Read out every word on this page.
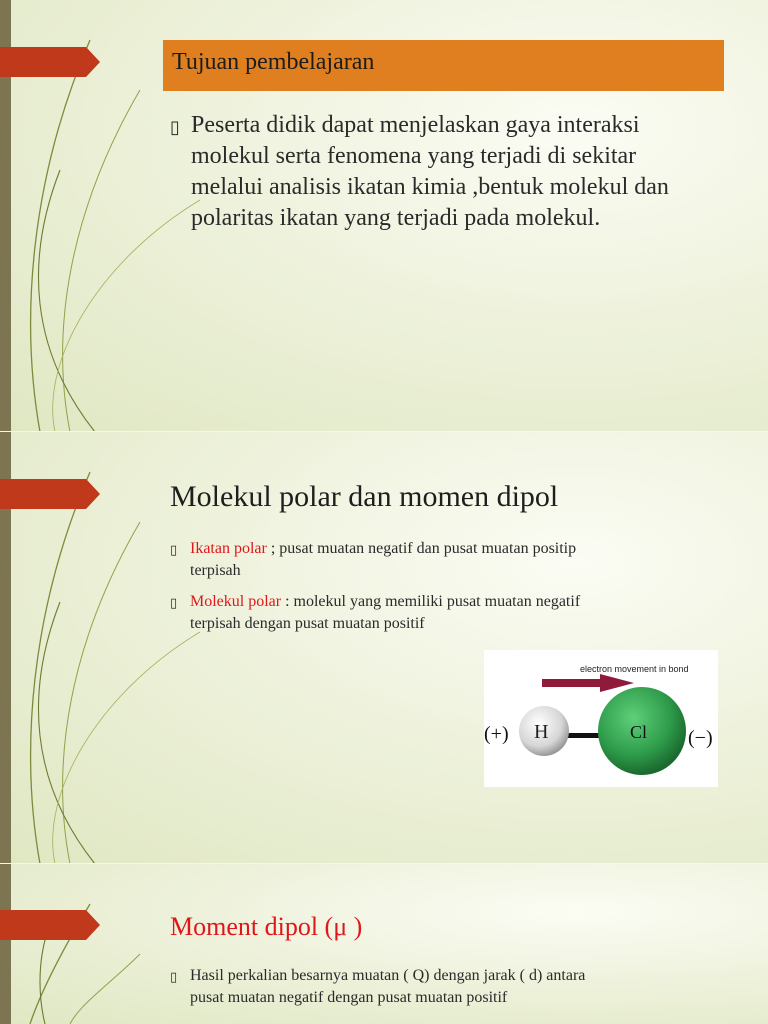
Tujuan pembelajaran
▯ Peserta didik dapat menjelaskan gaya interaksi
molekul serta fenomena yang terjadi di sekitar
melalui analisis ikatan kimia ,bentuk molekul dan
polaritas ikatan yang terjadi pada molekul.
Molekul polar dan momen dipol
▯ Ikatan polar ; pusat muatan negatif dan pusat muatan positip
terpisah
▯ Molekul polar : molekul yang memiliki pusat muatan negatif
terpisah dengan pusat muatan positif
electron movement in bond
H	Cl
(+)	(−)
Moment dipol (μ )
▯ Hasil perkalian besarnya muatan ( Q) dengan jarak ( d) antara
pusat muatan negatif dengan pusat muatan positif
